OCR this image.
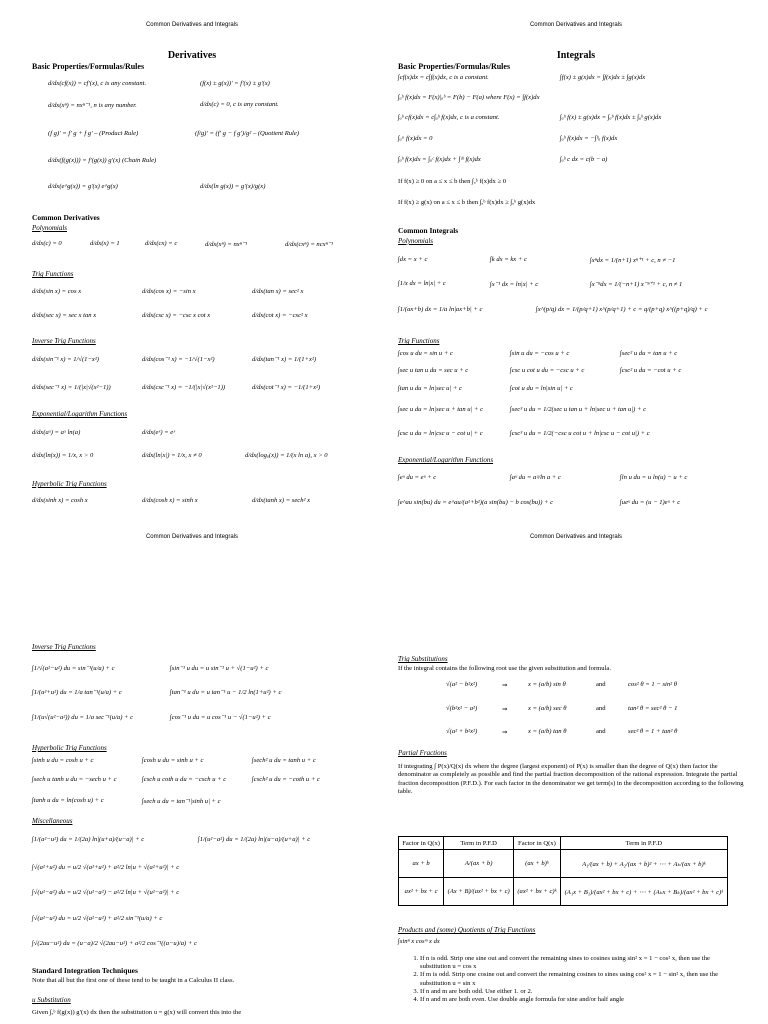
Common Derivatives and Integrals
Derivatives
Basic Properties/Formulas/Rules
d/dx(cf(x)) = cf′(x), c is any constant.	(f(x) ± g(x))′ = f′(x) ± g′(x)
d/dx(xⁿ) = nxⁿ⁻¹, n is any number.	d/dx(c) = 0, c is any constant.
(f g)′ = f′ g + f g′ – (Product Rule)	(f/g)′ = (f′ g − f g′)/g² – (Quotient Rule)
d/dx(f(g(x))) = f′(g(x)) g′(x) (Chain Rule)
d/dx(e^g(x)) = g′(x) e^g(x)	d/dx(ln g(x)) = g′(x)/g(x)
Common Derivatives
Polynomials
d/dx(c) = 0	d/dx(x) = 1	d/dx(cx) = c	d/dx(xⁿ) = nxⁿ⁻¹	d/dx(cxⁿ) = ncxⁿ⁻¹
Trig Functions
d/dx(sin x) = cos x	d/dx(cos x) = −sin x	d/dx(tan x) = sec² x
d/dx(sec x) = sec x tan x	d/dx(csc x) = −csc x cot x	d/dx(cot x) = −csc² x
Inverse Trig Functions
d/dx(sin⁻¹ x) = 1/√(1−x²)	d/dx(cos⁻¹ x) = −1/√(1−x²)	d/dx(tan⁻¹ x) = 1/(1+x²)
d/dx(sec⁻¹ x) = 1/(|x|√(x²−1))	d/dx(csc⁻¹ x) = −1/(|x|√(x²−1))	d/dx(cot⁻¹ x) = −1/(1+x²)
Exponential/Logarithm Functions
d/dx(aˣ) = aˣ ln(a)	d/dx(eˣ) = eˣ
d/dx(ln(x)) = 1/x, x > 0	d/dx(ln|x|) = 1/x, x ≠ 0	d/dx(logₐ(x)) = 1/(x ln a), x > 0
Hyperbolic Trig Functions
d/dx(sinh x) = cosh x	d/dx(cosh x) = sinh x	d/dx(tanh x) = sech² x
Common Derivatives and Integrals
Integrals
Basic Properties/Formulas/Rules
∫cf(x)dx = c∫f(x)dx, c is a constant.	∫f(x) ± g(x)dx = ∫f(x)dx ± ∫g(x)dx
∫ₐᵇ f(x)dx = F(x)|ₐᵇ = F(b) − F(a) where F(x) = ∫f(x)dx
∫ₐᵇ cf(x)dx = c∫ₐᵇ f(x)dx, c is a constant.	∫ₐᵇ f(x) ± g(x)dx = ∫ₐᵇ f(x)dx ± ∫ₐᵇ g(x)dx
∫ₐᵃ f(x)dx = 0	∫ₐᵇ f(x)dx = −∫ᵇₐ f(x)dx
∫ₐᵇ f(x)dx = ∫ₐᶜ f(x)dx + ∫ᶜᵇ f(x)dx	∫ₐᵇ c dx = c(b − a)
If f(x) ≥ 0 on a ≤ x ≤ b then ∫ₐᵇ f(x)dx ≥ 0
If f(x) ≥ g(x) on a ≤ x ≤ b then ∫ₐᵇ f(x)dx ≥ ∫ₐᵇ g(x)dx
Common Integrals
Polynomials
∫dx = x + c	∫k dx = kx + c	∫xⁿdx = 1/(n+1) xⁿ⁺¹ + c, n ≠ −1
∫1/x dx = ln|x| + c	∫x⁻¹ dx = ln|x| + c	∫x⁻ⁿdx = 1/(−n+1) x⁻ⁿ⁺¹ + c, n ≠ 1
∫1/(ax+b) dx = 1/a ln|ax+b| + c	∫x^(p/q) dx = 1/(p/q+1) x^(p/q+1) + c = q/(p+q) x^((p+q)/q) + c
Trig Functions
∫cos u du = sin u + c	∫sin u du = −cos u + c	∫sec² u du = tan u + c
∫sec u tan u du = sec u + c	∫csc u cot u du = −csc u + c	∫csc² u du = −cot u + c
∫tan u du = ln|sec u| + c	∫cot u du = ln|sin u| + c
∫sec u du = ln|sec u + tan u| + c	∫sec³ u du = 1/2(sec u tan u + ln|sec u + tan u|) + c
∫csc u du = ln|csc u − cot u| + c	∫csc³ u du = 1/2(−csc u cot u + ln|csc u − cot u|) + c
Exponential/Logarithm Functions
∫eᵘ du = eᵘ + c	∫aᵘ du = aᵘ/ln a + c	∫ln u du = u ln(u) − u + c
∫e^au sin(bu) du = e^au/(a²+b²)(a sin(bu) − b cos(bu)) + c	∫ueᵘ du = (u − 1)eᵘ + c
Common Derivatives and Integrals
Inverse Trig Functions
∫1/√(a²−u²) du = sin⁻¹(u/a) + c	∫sin⁻¹ u du = u sin⁻¹ u + √(1−u²) + c
∫1/(a²+u²) du = 1/a tan⁻¹(u/a) + c	∫tan⁻¹ u du = u tan⁻¹ u − 1/2 ln(1+u²) + c
∫1/(u√(u²−a²)) du = 1/a sec⁻¹(u/a) + c	∫cos⁻¹ u du = u cos⁻¹ u − √(1−u²) + c
Hyperbolic Trig Functions
∫sinh u du = cosh u + c	∫cosh u du = sinh u + c	∫sech² u du = tanh u + c
∫sech u tanh u du = −sech u + c	∫csch u coth u du = −csch u + c	∫csch² u du = −coth u + c
∫tanh u du = ln(cosh u) + c	∫sech u du = tan⁻¹|sinh u| + c
Miscellaneous
∫1/(a²−u²) du = 1/(2a) ln|(u+a)/(u−a)| + c	∫1/(u²−a²) du = 1/(2a) ln|(u−a)/(u+a)| + c
∫√(a²+u²) du = u/2 √(a²+u²) + a²/2 ln|u + √(a²+u²)| + c
∫√(u²−a²) du = u/2 √(u²−a²) − a²/2 ln|u + √(u²−a²)| + c
∫√(a²−u²) du = u/2 √(a²−u²) + a²/2 sin⁻¹(u/a) + c
∫√(2au−u²) du = (u−a)/2 √(2au−u²) + a²/2 cos⁻¹((a−u)/a) + c
Standard Integration Techniques
Note that all but the first one of these tend to be taught in a Calculus II class.
u Substitution
Given ∫ₐᵇ f(g(x)) g′(x) dx then the substitution u = g(x) will convert this into the
Common Derivatives and Integrals
Trig Substitutions
If the integral contains the following root use the given substitution and formula.
√(a² − b²x²)	⇒	x = (a/b) sin θ	and	cos² θ = 1 − sin² θ
√(b²x² − a²)	⇒	x = (a/b) sec θ	and	tan² θ = sec² θ − 1
√(a² + b²x²)	⇒	x = (a/b) tan θ	and	sec² θ = 1 + tan² θ
Partial Fractions
If integrating ∫ P(x)/Q(x) dx where the degree (largest exponent) of P(x) is smaller than the degree of Q(x) then factor the denominator as completely as possible and find the partial fraction decomposition of the rational expression. Integrate the partial fraction decomposition (P.F.D.). For each factor in the denominator we get term(s) in the decomposition according to the following table.
Factor in Q(x)	Term in P.F.D	Factor in Q(x)	Term in P.F.D
ax + b	A/(ax + b)	(ax + b)ᵏ	A₁/(ax + b) + A₂/(ax + b)² + ⋯ + Aₖ/(ax + b)ᵏ
ax² + bx + c	(Ax + B)/(ax² + bx + c)	(ax² + bx + c)ᵏ	(A₁x + B₁)/(ax² + bx + c) + ⋯ + (Aₖx + Bₖ)/(ax² + bx + c)ᵏ
Products and (some) Quotients of Trig Functions
∫sinⁿ x cosᵐ x dx
1. If n is odd. Strip one sine out and convert the remaining sines to cosines using sin² x = 1 − cos² x, then use the substitution u = cos x
2. If m is odd. Strip one cosine out and convert the remaining cosines to sines using cos² x = 1 − sin² x, then use the substitution u = sin x
3. If n and m are both odd. Use either 1. or 2.
4. If n and m are both even. Use double angle formula for sine and/or half angle
